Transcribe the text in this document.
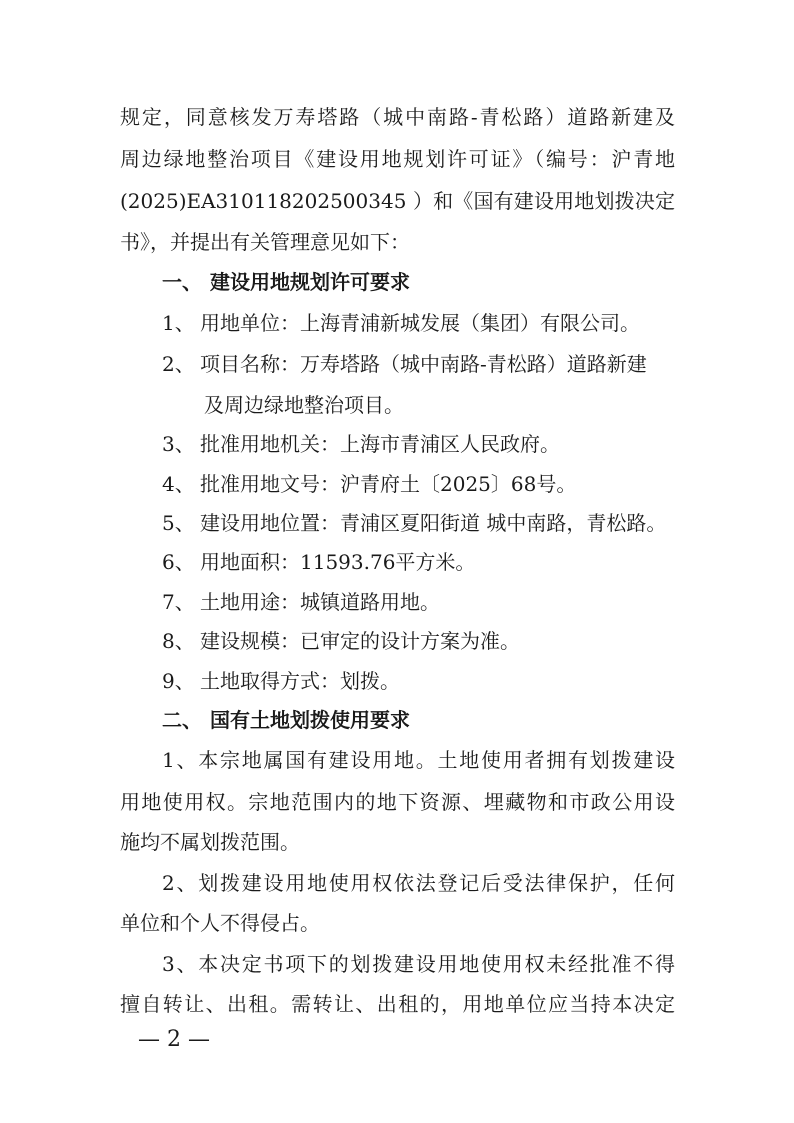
规定，同意核发万寿塔路（城中南路-青松路）道路新建及
周边绿地整治项目《建设用地规划许可证》（编号：沪青地
(2025)EA310118202500345 ）和《国有建设用地划拨决定
书》，并提出有关管理意见如下：
一、 建设用地规划许可要求
1、 用地单位：上海青浦新城发展（集团）有限公司。
2、 项目名称：万寿塔路（城中南路-青松路）道路新建
及周边绿地整治项目。
3、 批准用地机关：上海市青浦区人民政府。
4、 批准用地文号：沪青府土〔2025〕68号。
5、 建设用地位置：青浦区夏阳街道 城中南路，青松路。
6、 用地面积：11593.76平方米。
7、 土地用途：城镇道路用地。
8、 建设规模：已审定的设计方案为准。
9、 土地取得方式：划拨。
二、 国有土地划拨使用要求
1、本宗地属国有建设用地。土地使用者拥有划拨建设
用地使用权。宗地范围内的地下资源、埋藏物和市政公用设
施均不属划拨范围。
2、划拨建设用地使用权依法登记后受法律保护，任何
单位和个人不得侵占。
3、本决定书项下的划拨建设用地使用权未经批准不得
擅自转让、出租。需转让、出租的，用地单位应当持本决定
— 2 —
